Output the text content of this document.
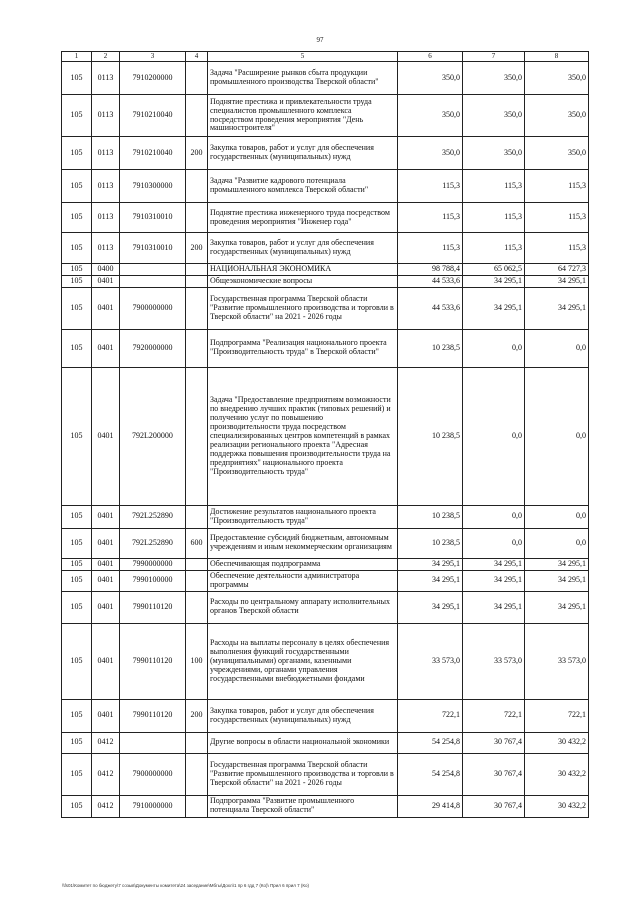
97
1	2	3	4	5	6	7	8
105	0113	7910200000		Задача "Расширение рынков сбыта продукции промышленного производства Тверской области"	350,0	350,0	350,0
105	0113	7910210040		Поднятие престижа и привлекательности труда специалистов промышленного комплекса посредством проведения мероприятия "День машиностроителя"	350,0	350,0	350,0
105	0113	7910210040	200	Закупка товаров, работ и услуг для обеспечения государственных (муниципальных) нужд	350,0	350,0	350,0
105	0113	7910300000		Задача "Развитие кадрового потенциала промышленного комплекса Тверской области"	115,3	115,3	115,3
105	0113	7910310010		Поднятие престижа инженерного труда посредством проведения мероприятия "Инженер года"	115,3	115,3	115,3
105	0113	7910310010	200	Закупка товаров, работ и услуг для обеспечения государственных (муниципальных) нужд	115,3	115,3	115,3
105	0400			НАЦИОНАЛЬНАЯ ЭКОНОМИКА	98 788,4	65 062,5	64 727,3
105	0401			Общеэкономические вопросы	44 533,6	34 295,1	34 295,1
105	0401	7900000000		Государственная программа Тверской области "Развитие промышленного производства и торговли в Тверской области" на 2021 - 2026 годы	44 533,6	34 295,1	34 295,1
105	0401	7920000000		Подпрограмма "Реализация национального проекта "Производительность труда" в Тверской области"	10 238,5	0,0	0,0
105	0401	792L200000		Задача "Предоставление предприятиям возможности по внедрению лучших практик (типовых решений) и получению услуг по повышению производительности труда посредством специализированных центров компетенций в рамках реализации регионального проекта "Адресная поддержка повышения производительности труда на предприятиях" национального проекта "Производительность труда"	10 238,5	0,0	0,0
105	0401	792L252890		Достижение результатов национального проекта "Производительность труда"	10 238,5	0,0	0,0
105	0401	792L252890	600	Предоставление субсидий бюджетным, автономным учреждениям и иным некоммерческим организациям	10 238,5	0,0	0,0
105	0401	7990000000		Обеспечивающая подпрограмма	34 295,1	34 295,1	34 295,1
105	0401	7990100000		Обеспечение деятельности администратора программы	34 295,1	34 295,1	34 295,1
105	0401	7990110120		Расходы по центральному аппарату исполнительных органов Тверской области	34 295,1	34 295,1	34 295,1
105	0401	7990110120	100	Расходы на выплаты персоналу в целях обеспечения выполнения функций государственными (муниципальными) органами, казенными учреждениями, органами управления государственными внебюджетными фондами	33 573,0	33 573,0	33 573,0
105	0401	7990110120	200	Закупка товаров, работ и услуг для обеспечения государственных (муниципальных) нужд	722,1	722,1	722,1
105	0412			Другие вопросы в области национальной экономики	54 254,8	30 767,4	30 432,2
105	0412	7900000000		Государственная программа Тверской области "Развитие промышленного производства и торговли в Тверской области" на 2021 - 2026 годы	54 254,8	30 767,4	30 432,2
105	0412	7910000000		Подпрограмма "Развитие промышленного потенциала Тверской области"	29 414,8	30 767,4	30 432,2
\\fs01\Комитет по бюджету\7 созыв\Документы комитета\24 заседание\Мбгы\Дохл\1 пр 6 гдд 7 (Ко)\ Прил 6 прил 7 (Ко)
